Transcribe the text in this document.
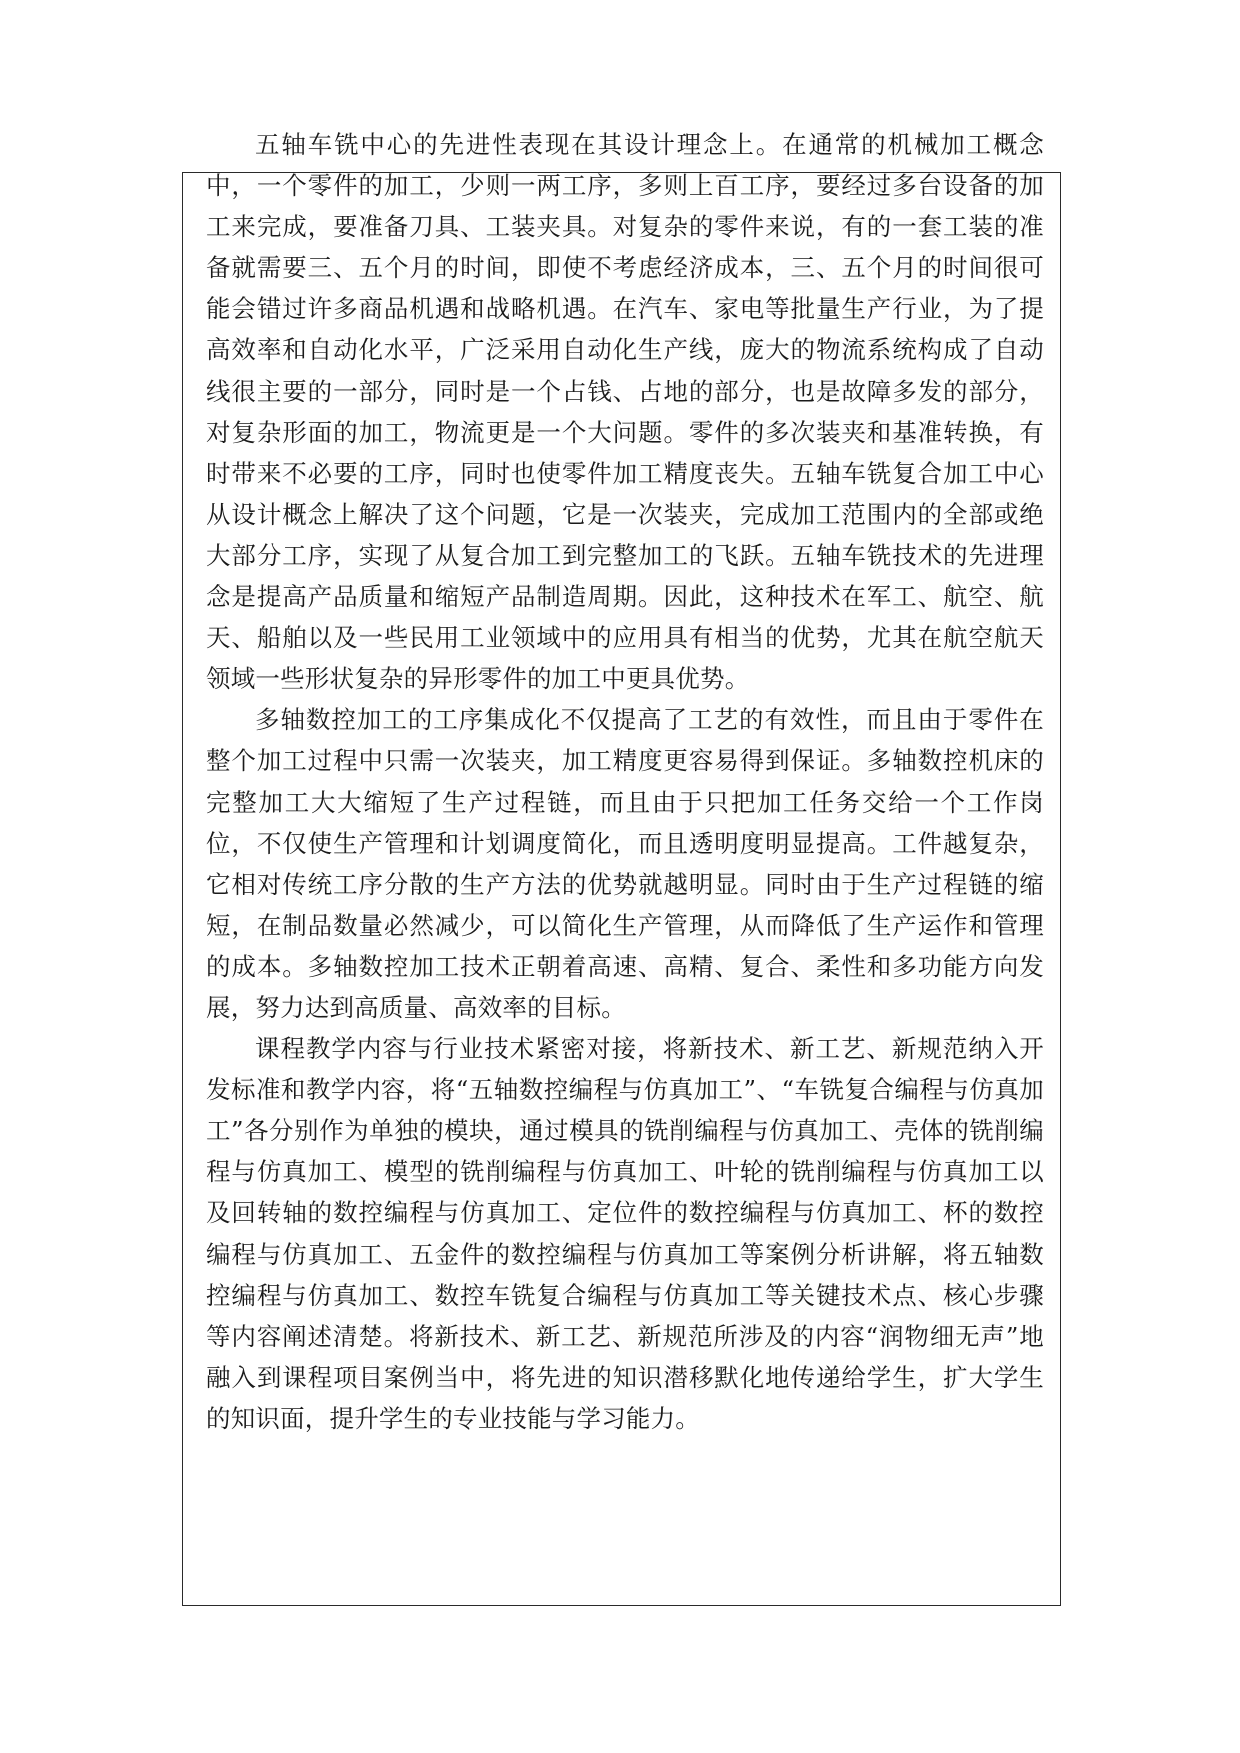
五轴车铣中心的先进性表现在其设计理念上。在通常的机械加工概念中，一个零件的加工，少则一两工序，多则上百工序，要经过多台设备的加工来完成，要准备刀具、工装夹具。对复杂的零件来说，有的一套工装的准备就需要三、五个月的时间，即使不考虑经济成本，三、五个月的时间很可能会错过许多商品机遇和战略机遇。在汽车、家电等批量生产行业，为了提高效率和自动化水平，广泛采用自动化生产线，庞大的物流系统构成了自动线很主要的一部分，同时是一个占钱、占地的部分，也是故障多发的部分，对复杂形面的加工，物流更是一个大问题。零件的多次装夹和基准转换，有时带来不必要的工序，同时也使零件加工精度丧失。五轴车铣复合加工中心从设计概念上解决了这个问题，它是一次装夹，完成加工范围内的全部或绝大部分工序，实现了从复合加工到完整加工的飞跃。五轴车铣技术的先进理念是提高产品质量和缩短产品制造周期。因此，这种技术在军工、航空、航天、船舶以及一些民用工业领域中的应用具有相当的优势，尤其在航空航天领域一些形状复杂的异形零件的加工中更具优势。

多轴数控加工的工序集成化不仅提高了工艺的有效性，而且由于零件在整个加工过程中只需一次装夹，加工精度更容易得到保证。多轴数控机床的完整加工大大缩短了生产过程链，而且由于只把加工任务交给一个工作岗位，不仅使生产管理和计划调度简化，而且透明度明显提高。工件越复杂，它相对传统工序分散的生产方法的优势就越明显。同时由于生产过程链的缩短，在制品数量必然减少，可以简化生产管理，从而降低了生产运作和管理的成本。多轴数控加工技术正朝着高速、高精、复合、柔性和多功能方向发展，努力达到高质量、高效率的目标。

课程教学内容与行业技术紧密对接，将新技术、新工艺、新规范纳入开发标准和教学内容，将“五轴数控编程与仿真加工”、“车铣复合编程与仿真加工”各分别作为单独的模块，通过模具的铣削编程与仿真加工、壳体的铣削编程与仿真加工、模型的铣削编程与仿真加工、叶轮的铣削编程与仿真加工以及回转轴的数控编程与仿真加工、定位件的数控编程与仿真加工、杯的数控编程与仿真加工、五金件的数控编程与仿真加工等案例分析讲解，将五轴数控编程与仿真加工、数控车铣复合编程与仿真加工等关键技术点、核心步骤等内容阐述清楚。将新技术、新工艺、新规范所涉及的内容“润物细无声”地融入到课程项目案例当中，将先进的知识潜移默化地传递给学生，扩大学生的知识面，提升学生的专业技能与学习能力。
